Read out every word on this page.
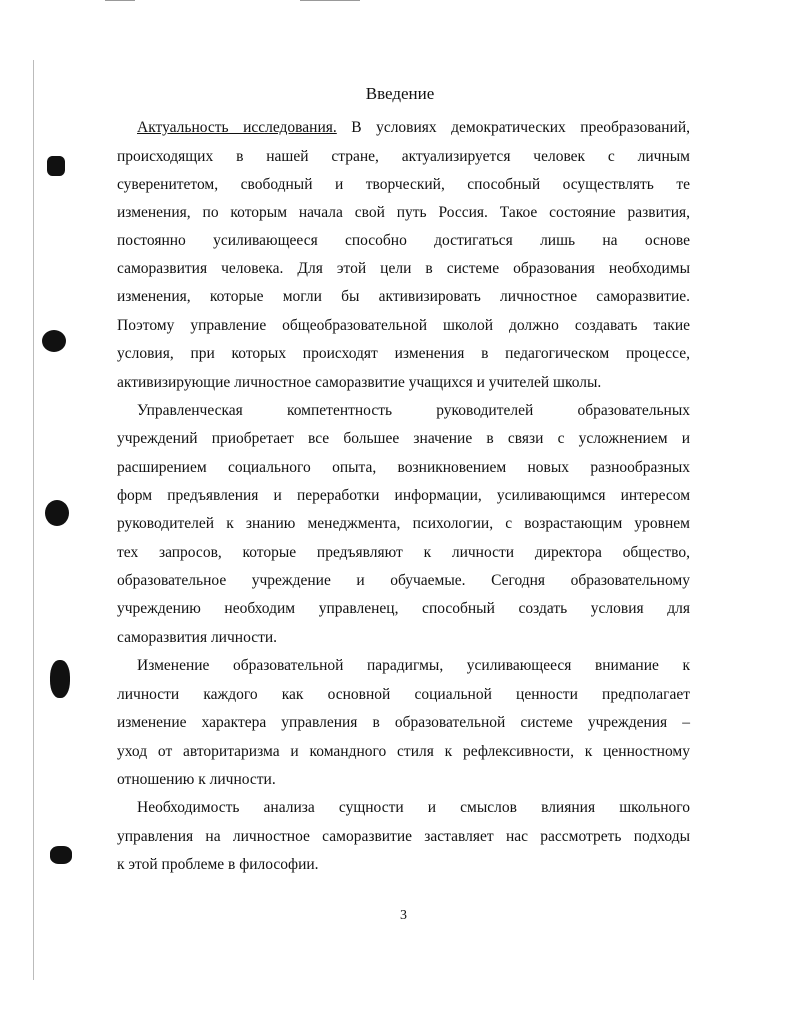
Введение
Актуальность исследования. В условиях демократических преобразований,
происходящих в нашей стране, актуализируется человек с личным
суверенитетом, свободный и творческий, способный осуществлять те
изменения, по которым начала свой путь Россия. Такое состояние развития,
постоянно усиливающееся способно достигаться лишь на основе
саморазвития человека. Для этой цели в системе образования необходимы
изменения, которые могли бы активизировать личностное саморазвитие.
Поэтому управление общеобразовательной школой должно создавать такие
условия, при которых происходят изменения в педагогическом процессе,
активизирующие личностное саморазвитие учащихся и учителей школы.
Управленческая компетентность руководителей образовательных
учреждений приобретает все большее значение в связи с усложнением и
расширением социального опыта, возникновением новых разнообразных
форм предъявления и переработки информации, усиливающимся интересом
руководителей к знанию менеджмента, психологии, с возрастающим уровнем
тех запросов, которые предъявляют к личности директора общество,
образовательное учреждение и обучаемые. Сегодня образовательному
учреждению необходим управленец, способный создать условия для
саморазвития личности.
Изменение образовательной парадигмы, усиливающееся внимание к
личности каждого как основной социальной ценности предполагает
изменение характера управления в образовательной системе учреждения –
уход от авторитаризма и командного стиля к рефлексивности, к ценностному
отношению к личности.
Необходимость анализа сущности и смыслов влияния школьного
управления на личностное саморазвитие заставляет нас рассмотреть подходы
к этой проблеме в философии.
3
